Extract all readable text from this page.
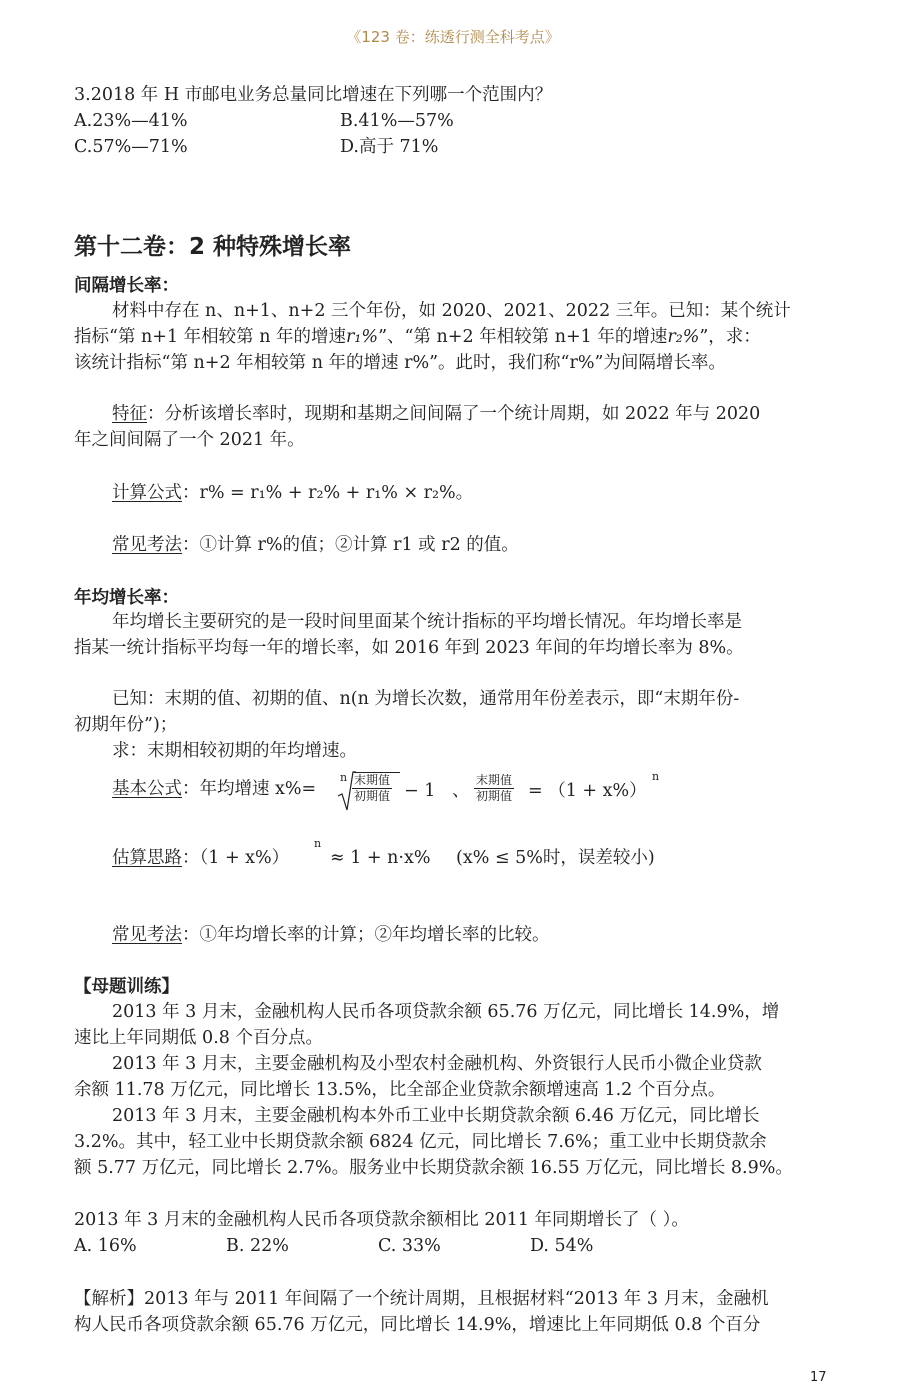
《123 卷：练透行测全科考点》
3.2018 年 H 市邮电业务总量同比增速在下列哪一个范围内？
A.23%—41%	B.41%—57%
C.57%—71%	D.高于 71%
第十二卷：2 种特殊增长率
间隔增长率：
材料中存在 n、n+1、n+2 三个年份，如 2020、2021、2022 三年。已知：某个统计
指标“第 n+1 年相较第 n 年的增速r₁%”、“第 n+2 年相较第 n+1 年的增速r₂%”，求：
该统计指标“第 n+2 年相较第 n 年的增速 r%”。此时，我们称“r%”为间隔增长率。
特征：分析该增长率时，现期和基期之间间隔了一个统计周期，如 2022 年与 2020
年之间间隔了一个 2021 年。
计算公式：r% = r₁% + r₂% + r₁% × r₂%。
常见考法：①计算 r%的值；②计算 r1 或 r2 的值。
年均增长率：
年均增长主要研究的是一段时间里面某个统计指标的平均增长情况。年均增长率是
指某一统计指标平均每一年的增长率，如 2016 年到 2023 年间的年均增长率为 8%。
已知：末期的值、初期的值、n(n 为增长次数，通常用年份差表示，即“末期年份-
初期年份”)；
求：末期相较初期的年均增速。
基本公式：年均增速 x%=
n 末期值
初期值 − 1 、
末期值
初期值 = （1 + x%）
n
估算思路：（1 + x%）
n
≈ 1 + n·x% (x% ≤ 5%时，误差较小)
常见考法：①年均增长率的计算；②年均增长率的比较。
【母题训练】
2013 年 3 月末，金融机构人民币各项贷款余额 65.76 万亿元，同比增长 14.9%，增
速比上年同期低 0.8 个百分点。
2013 年 3 月末，主要金融机构及小型农村金融机构、外资银行人民币小微企业贷款
余额 11.78 万亿元，同比增长 13.5%，比全部企业贷款余额增速高 1.2 个百分点。
2013 年 3 月末，主要金融机构本外币工业中长期贷款余额 6.46 万亿元，同比增长
3.2%。其中，轻工业中长期贷款余额 6824 亿元，同比增长 7.6%；重工业中长期贷款余
额 5.77 万亿元，同比增长 2.7%。服务业中长期贷款余额 16.55 万亿元，同比增长 8.9%。
2013 年 3 月末的金融机构人民币各项贷款余额相比 2011 年同期增长了（ ）。
A. 16%	B. 22%	C. 33%	D. 54%
【解析】2013 年与 2011 年间隔了一个统计周期，且根据材料“2013 年 3 月末，金融机
构人民币各项贷款余额 65.76 万亿元，同比增长 14.9%，增速比上年同期低 0.8 个百分
17
